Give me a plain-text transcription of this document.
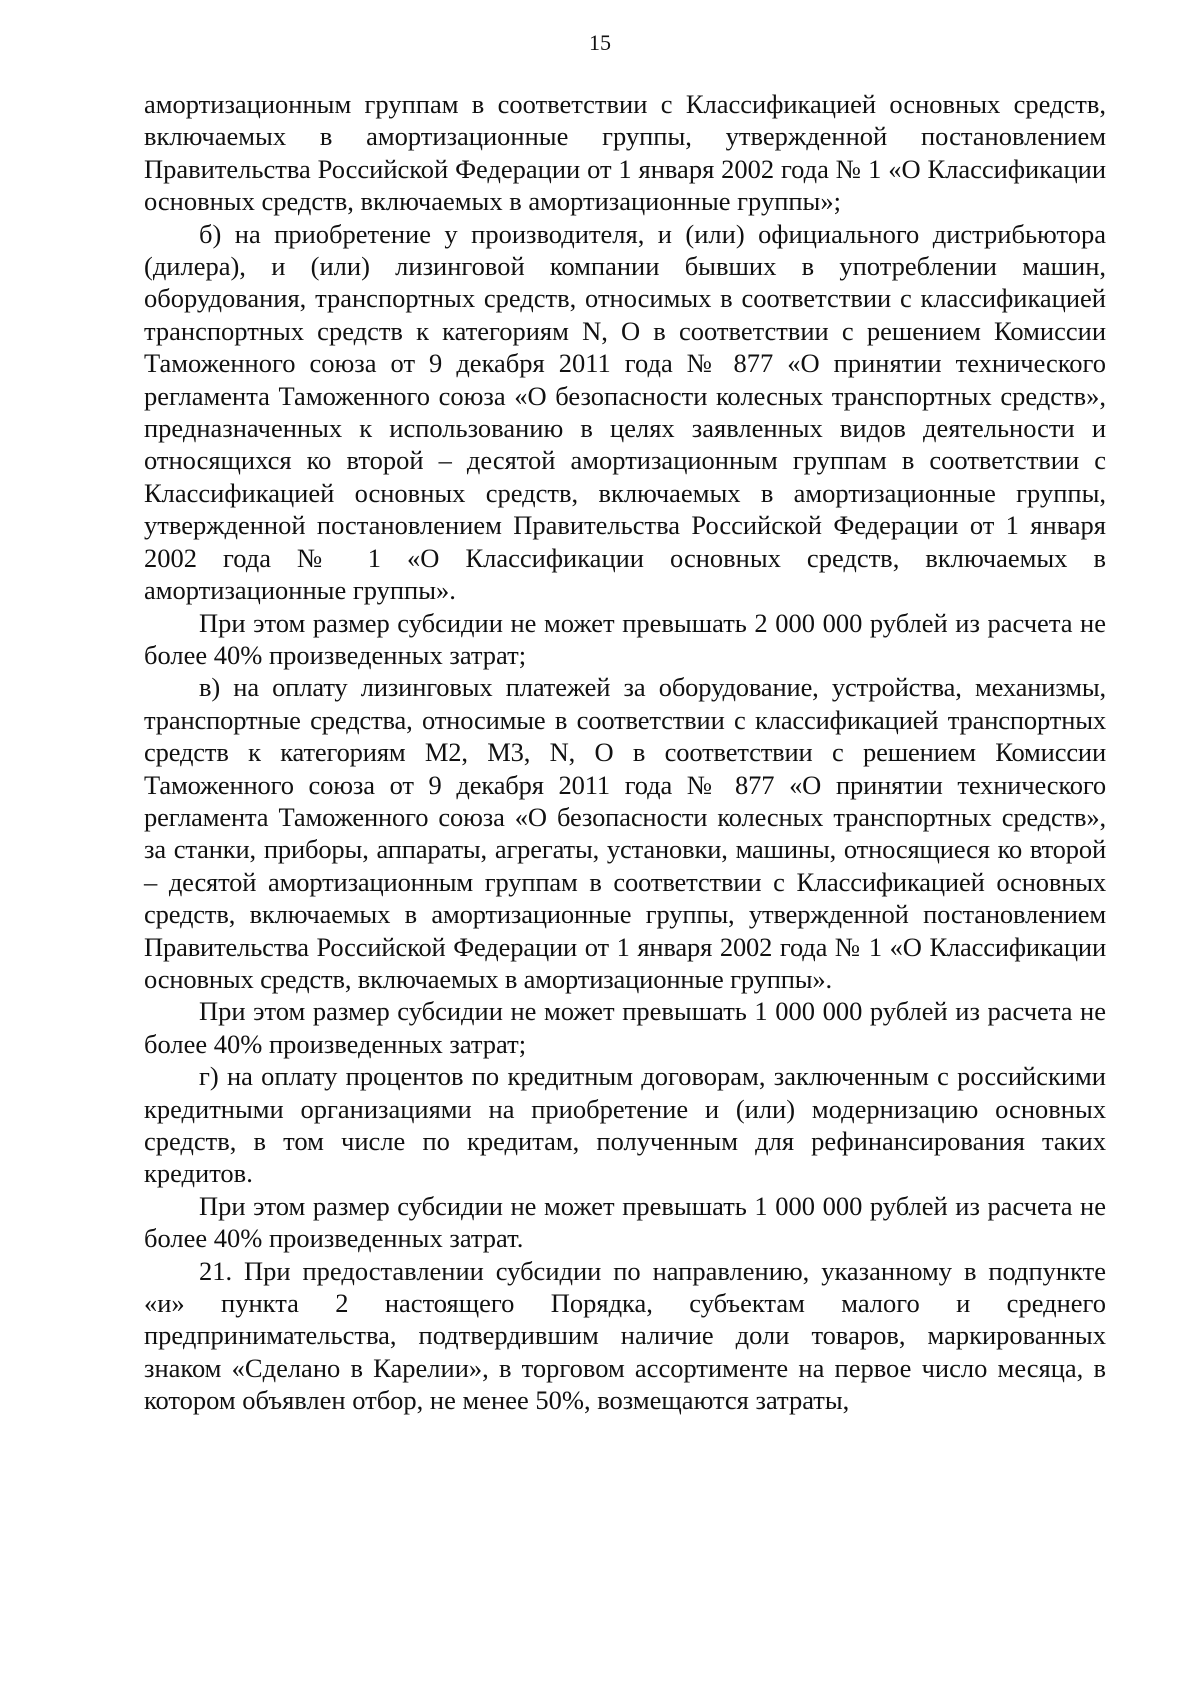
15

амортизационным группам в соответствии с Классификацией основных средств, включаемых в амортизационные группы, утвержденной постановлением Правительства Российской Федерации от 1 января 2002 года № 1 «О Классификации основных средств, включаемых в амортизационные группы»;

б) на приобретение у производителя, и (или) официального дистрибьютора (дилера), и (или) лизинговой компании бывших в употреблении машин, оборудования, транспортных средств, относимых в соответствии с классификацией транспортных средств к категориям N, O в соответствии с решением Комиссии Таможенного союза от 9 декабря 2011 года № 877 «О принятии технического регламента Таможенного союза «О безопасности колесных транспортных средств», предназначенных к использованию в целях заявленных видов деятельности и относящихся ко второй – десятой амортизационным группам в соответствии с Классификацией основных средств, включаемых в амортизационные группы, утвержденной постановлением Правительства Российской Федерации от 1 января 2002 года № 1 «О Классификации основных средств, включаемых в амортизационные группы».

При этом размер субсидии не может превышать 2 000 000 рублей из расчета не более 40% произведенных затрат;

в) на оплату лизинговых платежей за оборудование, устройства, механизмы, транспортные средства, относимые в соответствии с классификацией транспортных средств к категориям M2, M3, N, O в соответствии с решением Комиссии Таможенного союза от 9 декабря 2011 года № 877 «О принятии технического регламента Таможенного союза «О безопасности колесных транспортных средств», за станки, приборы, аппараты, агрегаты, установки, машины, относящиеся ко второй – десятой амортизационным группам в соответствии с Классификацией основных средств, включаемых в амортизационные группы, утвержденной постановлением Правительства Российской Федерации от 1 января 2002 года № 1 «О Классификации основных средств, включаемых в амортизационные группы».

При этом размер субсидии не может превышать 1 000 000 рублей из расчета не более 40% произведенных затрат;

г) на оплату процентов по кредитным договорам, заключенным с российскими кредитными организациями на приобретение и (или) модернизацию основных средств, в том числе по кредитам, полученным для рефинансирования таких кредитов.

При этом размер субсидии не может превышать 1 000 000 рублей из расчета не более 40% произведенных затрат.

21. При предоставлении субсидии по направлению, указанному в подпункте «и» пункта 2 настоящего Порядка, субъектам малого и среднего предпринимательства, подтвердившим наличие доли товаров, маркированных знаком «Сделано в Карелии», в торговом ассортименте на первое число месяца, в котором объявлен отбор, не менее 50%, возмещаются затраты,
